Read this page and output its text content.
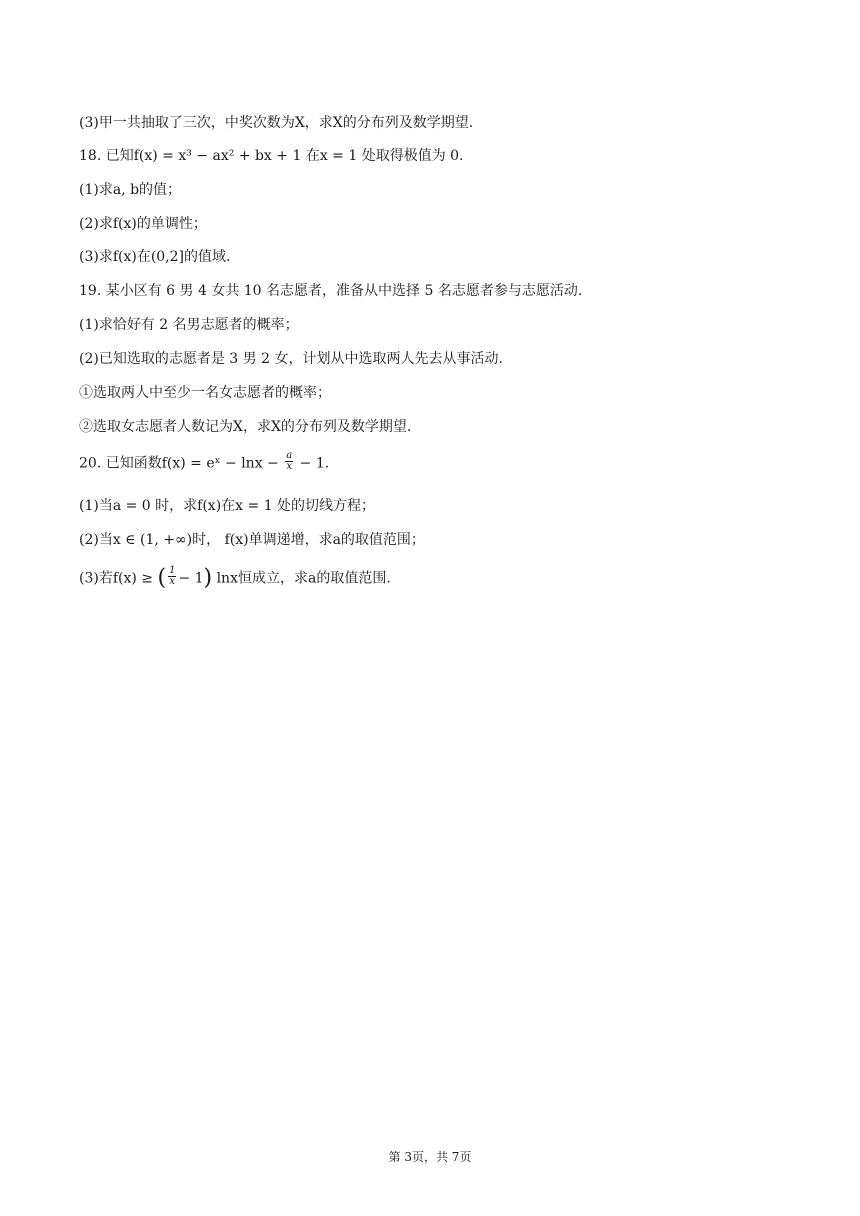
(3)甲一共抽取了三次，中奖次数为X，求X的分布列及数学期望.
18. 已知f(x) = x³ − ax² + bx + 1 在x = 1 处取得极值为 0.
(1)求a, b的值；
(2)求f(x)的单调性；
(3)求f(x)在(0,2]的值域.
19. 某小区有 6 男 4 女共 10 名志愿者，准备从中选择 5 名志愿者参与志愿活动.
(1)求恰好有 2 名男志愿者的概率；
(2)已知选取的志愿者是 3 男 2 女，计划从中选取两人先去从事活动.
①选取两人中至少一名女志愿者的概率；
②选取女志愿者人数记为X，求X的分布列及数学期望.
20. 已知函数f(x) = eˣ − $\ln x - \frac{a}{x} - 1$.
(1)当a = 0 时，求f(x)在x = 1 处的切线方程；
(2)当x ∈ (1, +∞)时， f(x)单调递增，求a的取值范围；
(3)若f(x) ≥ ( $\frac{1}{x} - 1$) lnx恒成立，求a的取值范围.
第 3页，共 7页
